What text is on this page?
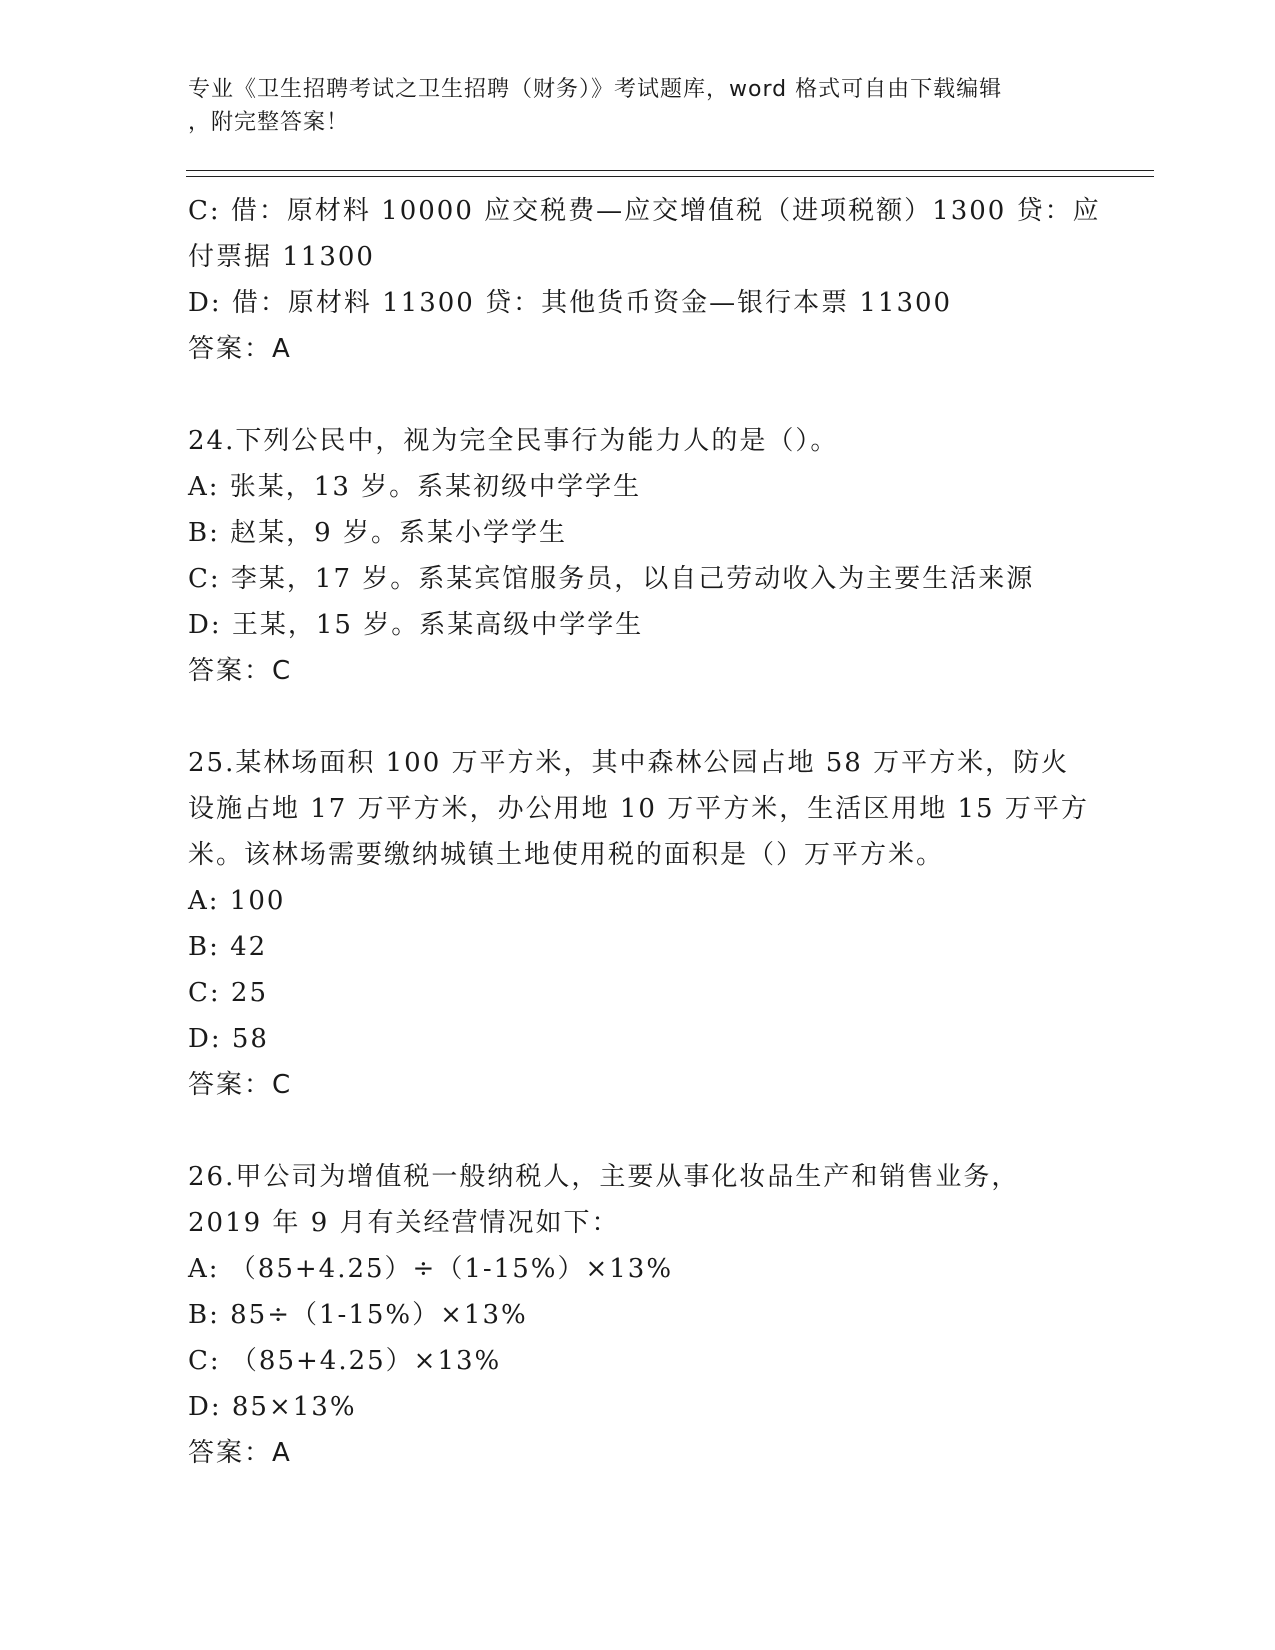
专业《卫生招聘考试之卫生招聘（财务）》考试题库，word 格式可自由下载编辑
，附完整答案！
C: 借：原材料 10000 应交税费—应交增值税（进项税额）1300 贷：应
付票据 11300
D: 借：原材料 11300 贷：其他货币资金—银行本票 11300
答案：A
24.下列公民中，视为完全民事行为能力人的是（）。
A: 张某，13 岁。系某初级中学学生
B: 赵某，9 岁。系某小学学生
C: 李某，17 岁。系某宾馆服务员，以自己劳动收入为主要生活来源
D: 王某，15 岁。系某高级中学学生
答案：C
25.某林场面积 100 万平方米，其中森林公园占地 58 万平方米，防火
设施占地 17 万平方米，办公用地 10 万平方米，生活区用地 15 万平方
米。该林场需要缴纳城镇土地使用税的面积是（）万平方米。
A: 100
B: 42
C: 25
D: 58
答案：C
26.甲公司为增值税一般纳税人，主要从事化妆品生产和销售业务，
2019 年 9 月有关经营情况如下：
A: （85+4.25）÷（1-15%）×13%
B: 85÷（1-15%）×13%
C: （85+4.25）×13%
D: 85×13%
答案：A
